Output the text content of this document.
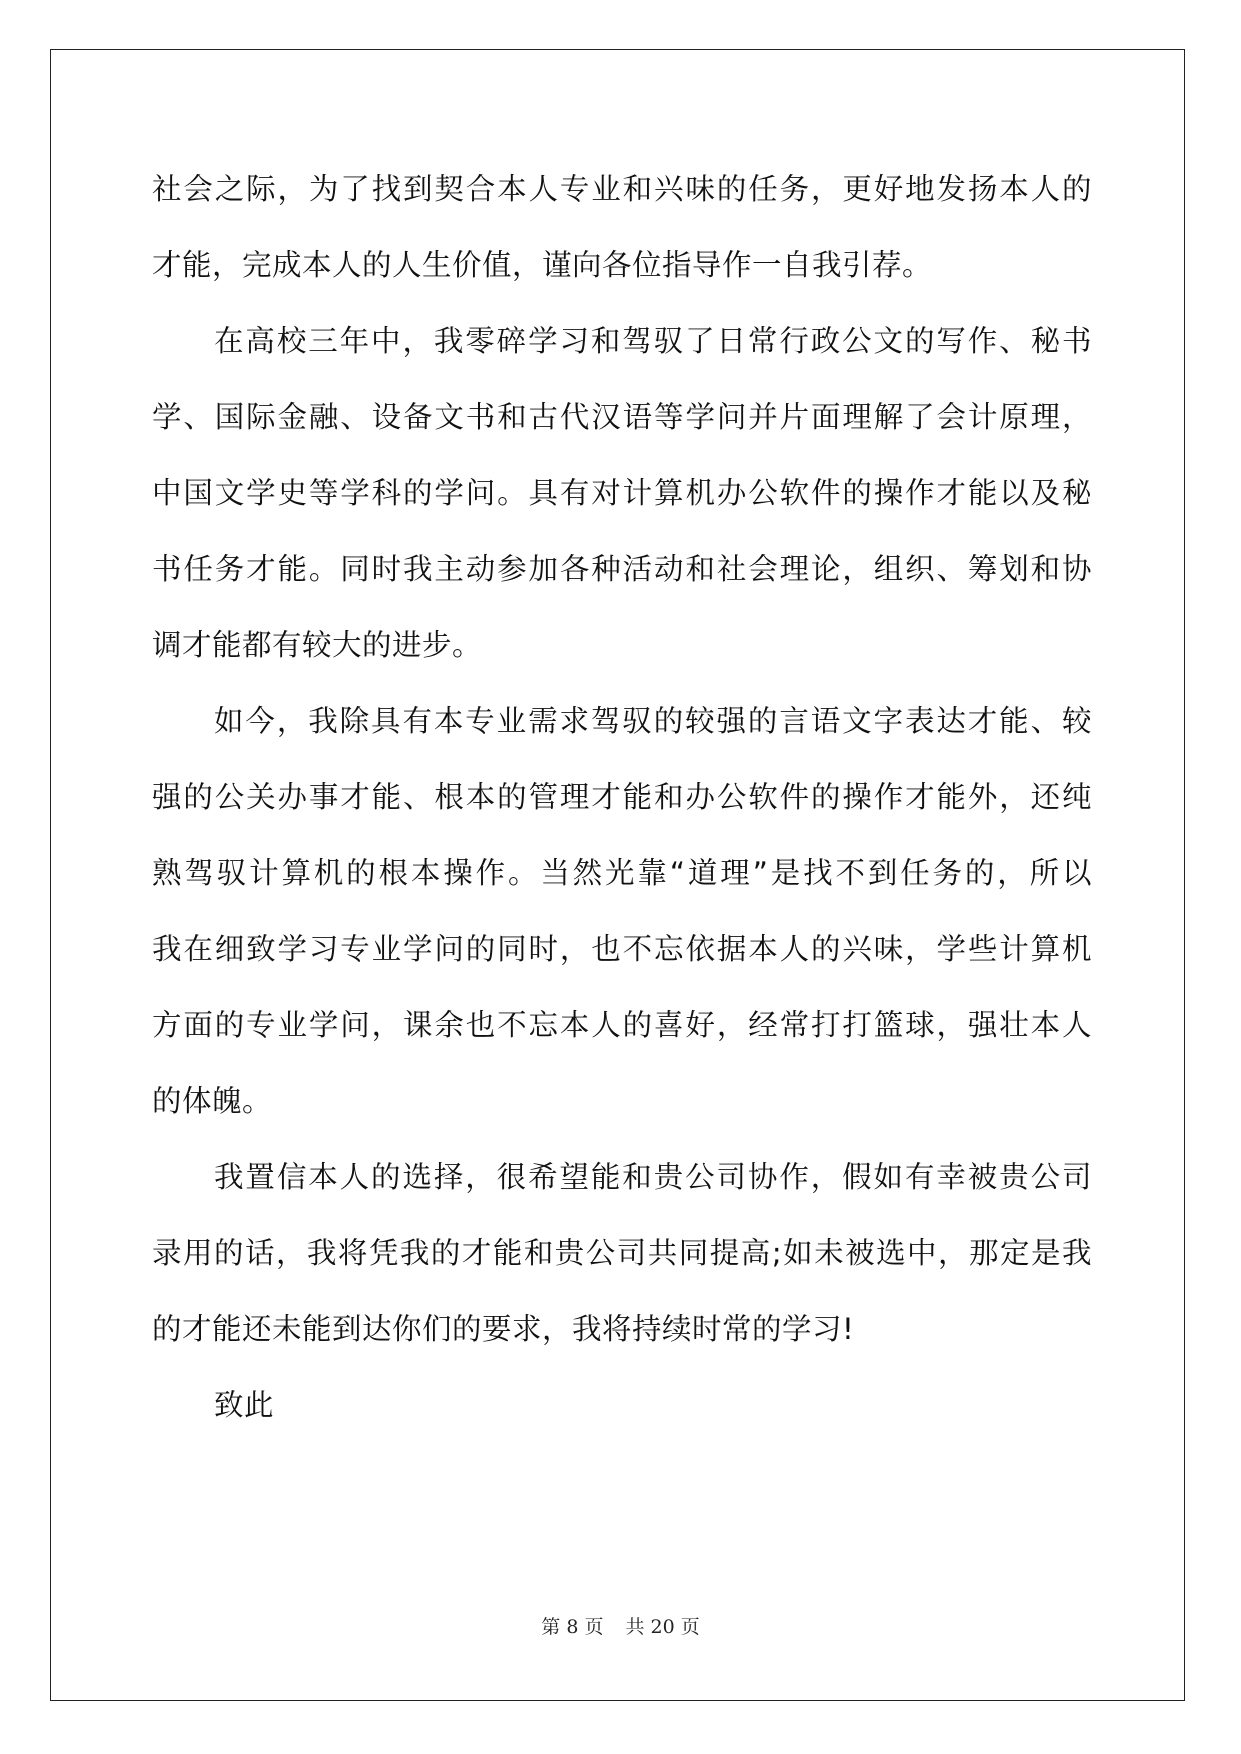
社会之际，为了找到契合本人专业和兴味的任务，更好地发扬本人的
才能，完成本人的人生价值，谨向各位指导作一自我引荐。
在高校三年中，我零碎学习和驾驭了日常行政公文的写作、秘书
学、国际金融、设备文书和古代汉语等学问并片面理解了会计原理，
中国文学史等学科的学问。具有对计算机办公软件的操作才能以及秘
书任务才能。同时我主动参加各种活动和社会理论，组织、筹划和协
调才能都有较大的进步。
如今，我除具有本专业需求驾驭的较强的言语文字表达才能、较
强的公关办事才能、根本的管理才能和办公软件的操作才能外，还纯
熟驾驭计算机的根本操作。当然光靠“道理”是找不到任务的，所以
我在细致学习专业学问的同时，也不忘依据本人的兴味，学些计算机
方面的专业学问，课余也不忘本人的喜好，经常打打篮球，强壮本人
的体魄。
我置信本人的选择，很希望能和贵公司协作，假如有幸被贵公司
录用的话，我将凭我的才能和贵公司共同提高;如未被选中，那定是我
的才能还未能到达你们的要求，我将持续时常的学习!
致此
第 8 页 共 20 页
